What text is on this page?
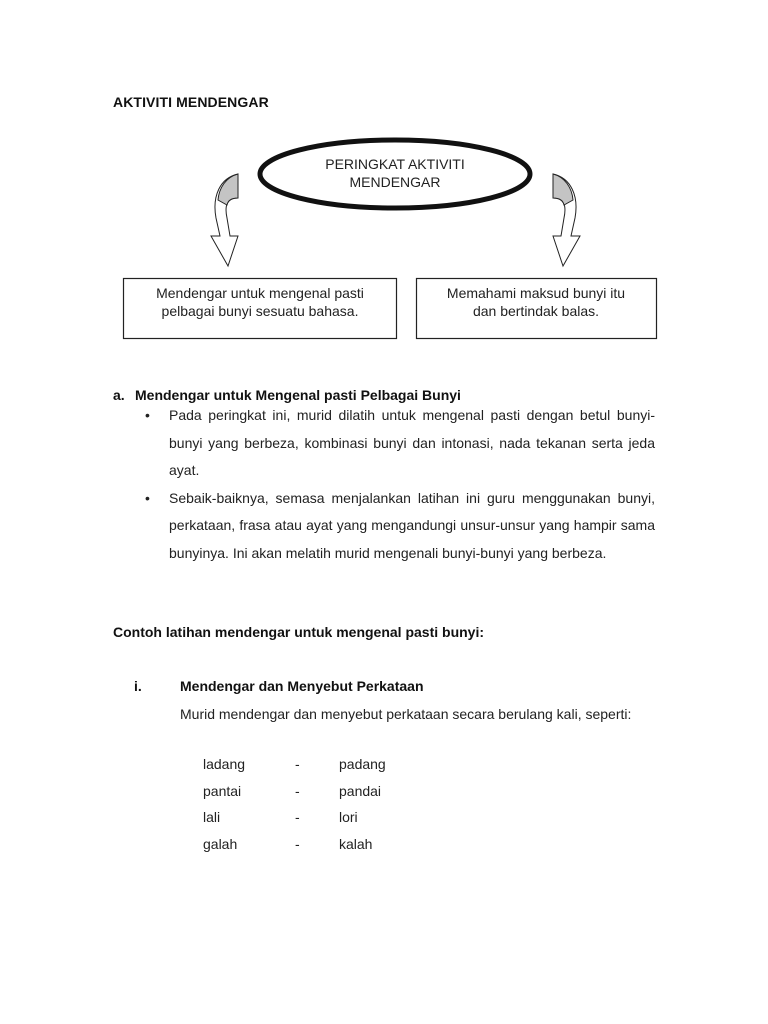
AKTIVITI MENDENGAR
PERINGKAT AKTIVITI
MENDENGAR
Mendengar untuk mengenal pasti
pelbagai bunyi sesuatu bahasa.
Memahami maksud bunyi itu
dan bertindak balas.
a. Mendengar untuk Mengenal pasti Pelbagai Bunyi
•	Pada peringkat ini, murid dilatih untuk mengenal pasti dengan betul bunyi-bunyi yang berbeza, kombinasi bunyi dan intonasi, nada tekanan serta jeda ayat.
•	Sebaik-baiknya, semasa menjalankan latihan ini guru menggunakan bunyi, perkataan, frasa atau ayat yang mengandungi unsur-unsur yang hampir sama bunyinya. Ini akan melatih murid mengenali bunyi-bunyi yang berbeza.
Contoh latihan mendengar untuk mengenal pasti bunyi:
i.	Mendengar dan Menyebut Perkataan
Murid mendengar dan menyebut perkataan secara berulang kali, seperti:
ladang	-	padang
pantai	-	pandai
lali	-	lori
galah	-	kalah
